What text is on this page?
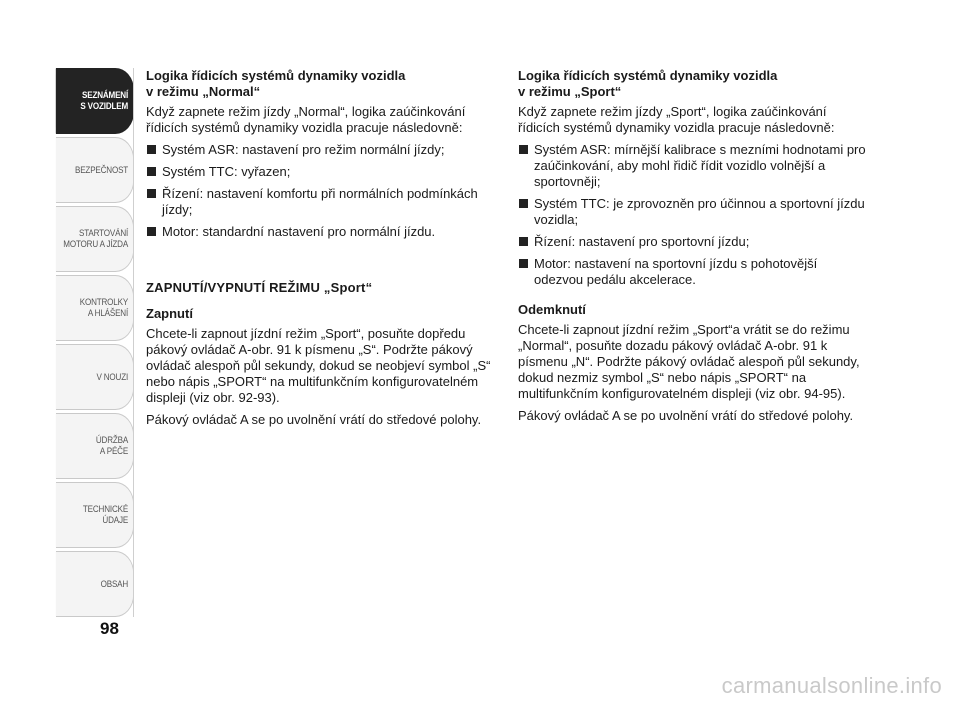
SEZNÁMENÍ
S VOZIDLEM
BEZPEČNOST
STARTOVÁNÍ
MOTORU A JÍZDA
KONTROLKY
A HLÁŠENÍ
V NOUZI
ÚDRŽBA
A PÉČE
TECHNICKÉ
ÚDAJE
OBSAH
98
Logika řídicích systémů dynamiky vozidla
v režimu „Normal“
Když zapnete režim jízdy „Normal“, logika zaúčinkování řídicích systémů dynamiky vozidla pracuje následovně:
Systém ASR: nastavení pro režim normální jízdy;
Systém TTC: vyřazen;
Řízení: nastavení komfortu při normálních podmínkách jízdy;
Motor: standardní nastavení pro normální jízdu.
ZAPNUTÍ/VYPNUTÍ REŽIMU „Sport“
Zapnutí
Chcete-li zapnout jízdní režim „Sport“, posuňte dopředu pákový ovládač A-obr. 91 k písmenu „S“. Podržte pákový ovládač alespoň půl sekundy, dokud se neobjeví symbol „S“ nebo nápis „SPORT“ na multifunkčním konfigurovatelném displeji (viz obr. 92-93).
Pákový ovládač A se po uvolnění vrátí do středové polohy.
Logika řídicích systémů dynamiky vozidla
v režimu „Sport“
Když zapnete režim jízdy „Sport“, logika zaúčinkování řídicích systémů dynamiky vozidla pracuje následovně:
Systém ASR: mírnější kalibrace s mezními hodnotami pro zaúčinkování, aby mohl řidič řídit vozidlo volnější a sportovněji;
Systém TTC: je zprovozněn pro účinnou a sportovní jízdu vozidla;
Řízení: nastavení pro sportovní jízdu;
Motor: nastavení na sportovní jízdu s pohotovější odezvou pedálu akcelerace.
Odemknutí
Chcete-li zapnout jízdní režim „Sport“a vrátit se do režimu „Normal“, posuňte dozadu pákový ovládač A-obr. 91 k písmenu „N“. Podržte pákový ovládač alespoň půl sekundy, dokud nezmiz symbol „S“ nebo nápis „SPORT“ na multifunkčním konfigurovatelném displeji (viz obr. 94-95).
Pákový ovládač A se po uvolnění vrátí do středové polohy.
carmanualsonline.info
